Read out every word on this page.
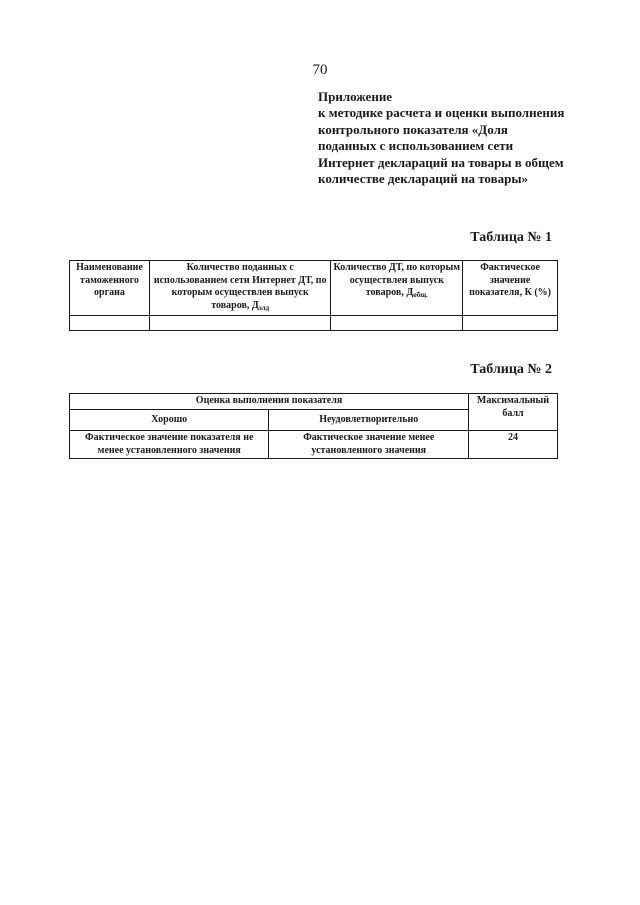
70
Приложение
к методике расчета и оценки выполнения
контрольного показателя «Доля
поданных с использованием сети
Интернет деклараций на товары в общем
количестве деклараций на товары»
Таблица № 1
Наименование таможенного органа	Количество поданных с использованием сети Интернет ДТ, по которым осуществлен выпуск товаров, $Д_{элд}$	Количество ДТ, по которым осуществлен выпуск товаров, $Д_{общ.}$	Фактическое значение показателя, К (%)

Таблица № 2
Оценка выполнения показателя		Максимальный балл
Хорошо	Неудовлетворительно	
Фактическое значение показателя не менее установленного значения	Фактическое значение менее установленного значения	24
